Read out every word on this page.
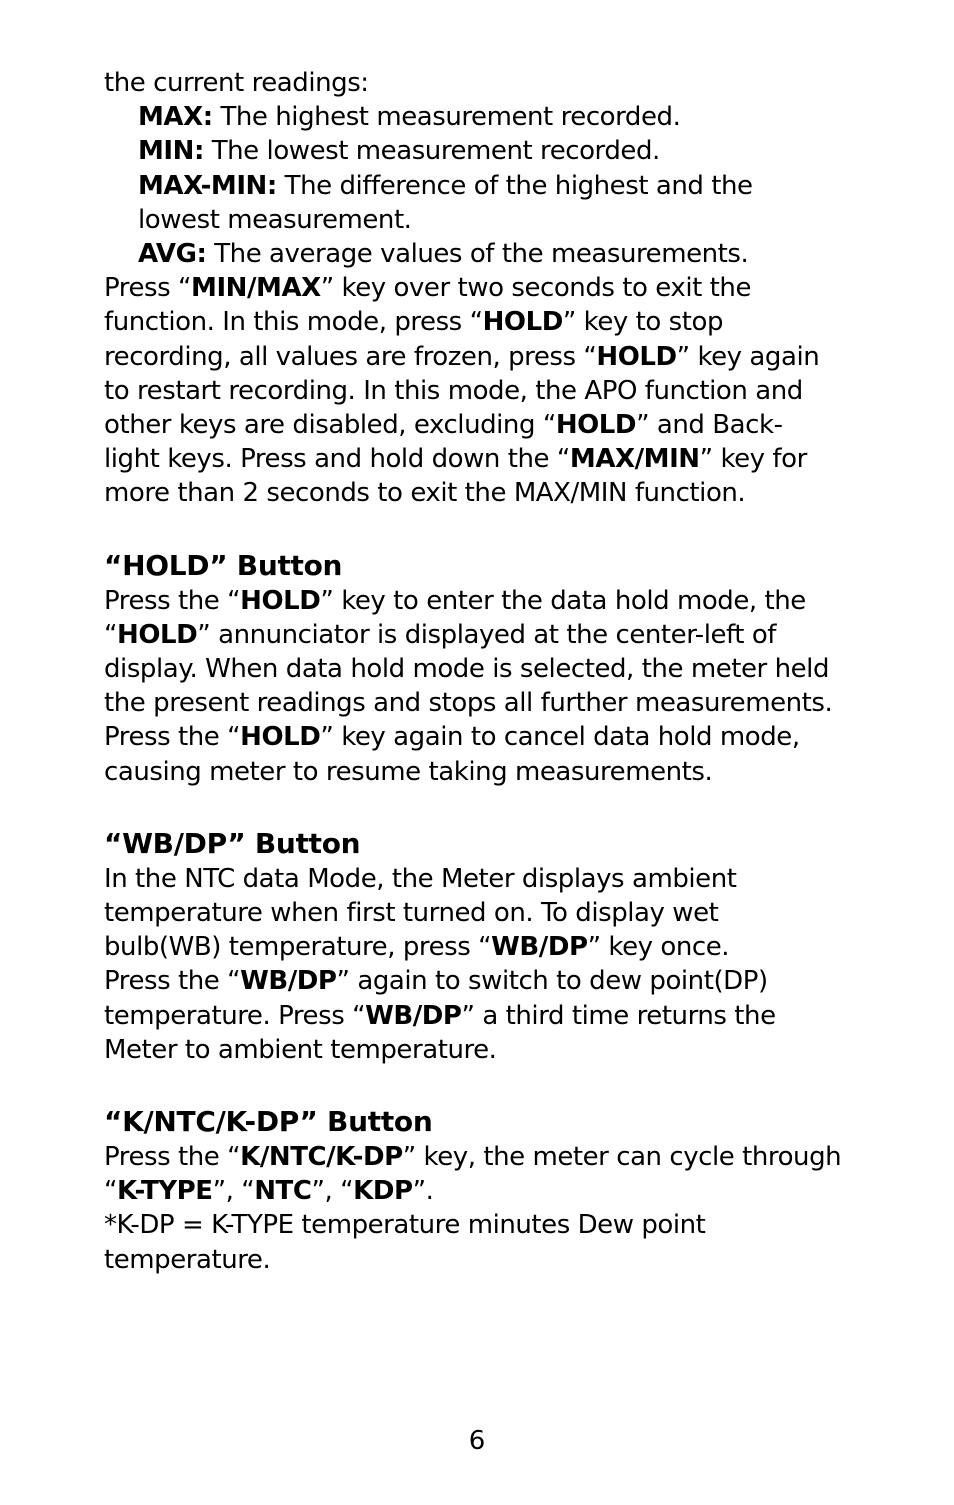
the current readings:
MAX: The highest measurement recorded.
MIN: The lowest measurement recorded.
MAX-MIN: The difference of the highest and the
lowest measurement.
AVG: The average values of the measurements.
Press “MIN/MAX” key over two seconds to exit the
function. In this mode, press “HOLD” key to stop
recording, all values are frozen, press “HOLD” key again
to restart recording. In this mode, the APO function and
other keys are disabled, excluding “HOLD” and Back-
light keys. Press and hold down the “MAX/MIN” key for
more than 2 seconds to exit the MAX/MIN function.
“HOLD” Button
Press the “HOLD” key to enter the data hold mode, the
“HOLD” annunciator is displayed at the center-left of
display. When data hold mode is selected, the meter held
the present readings and stops all further measurements.
Press the “HOLD” key again to cancel data hold mode,
causing meter to resume taking measurements.
“WB/DP” Button
In the NTC data Mode, the Meter displays ambient
temperature when first turned on. To display wet
bulb(WB) temperature, press “WB/DP” key once.
Press the “WB/DP” again to switch to dew point(DP)
temperature. Press “WB/DP” a third time returns the
Meter to ambient temperature.
“K/NTC/K-DP” Button
Press the “K/NTC/K-DP” key, the meter can cycle through
“K-TYPE”, “NTC”, “KDP”.
*K-DP = K-TYPE temperature minutes Dew point
temperature.
6
